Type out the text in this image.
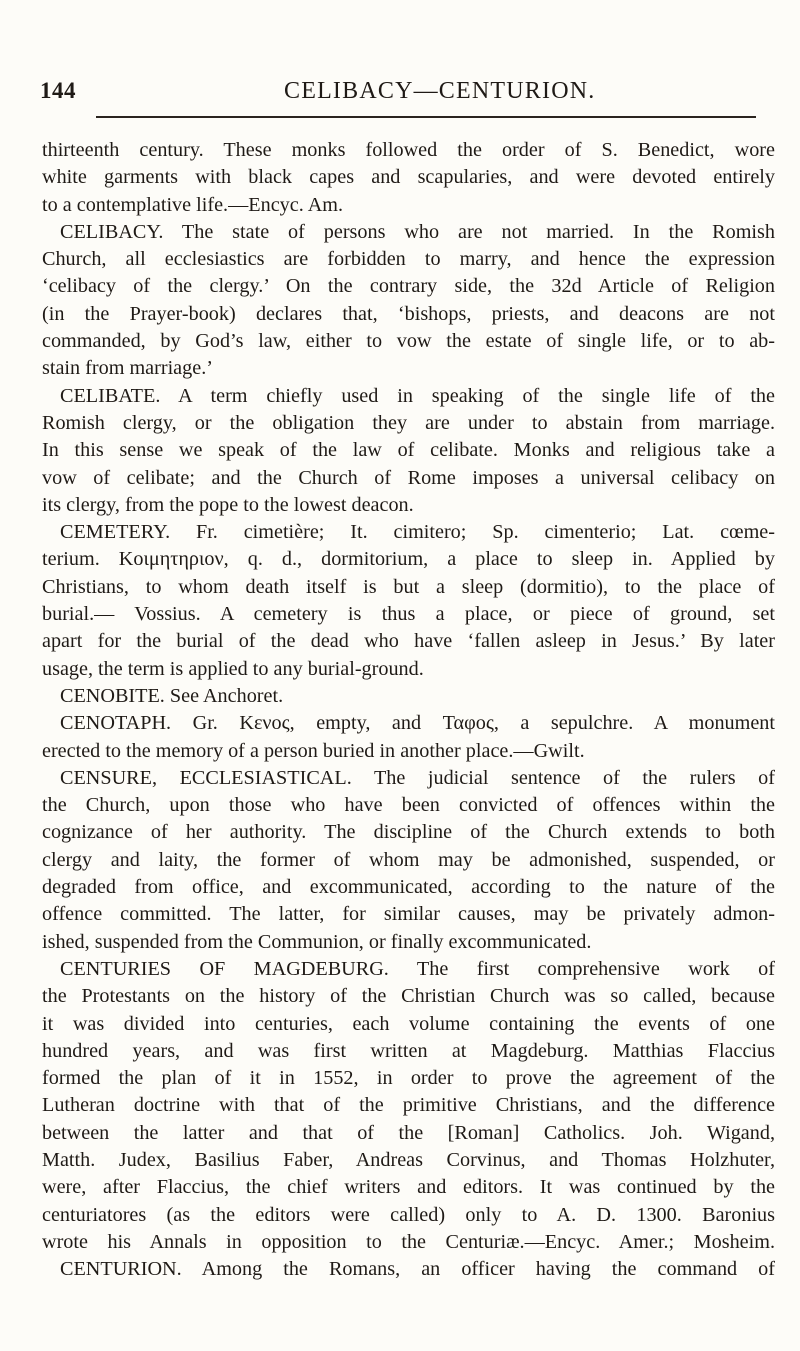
144	CELIBACY—CENTURION.
thirteenth century. These monks followed the order of S. Benedict, wore
white garments with black capes and scapularies, and were devoted entirely
to a contemplative life.—Encyc. Am.
CELIBACY. The state of persons who are not married. In the Romish
Church, all ecclesiastics are forbidden to marry, and hence the expression
‘celibacy of the clergy.’ On the contrary side, the 32d Article of Religion
(in the Prayer-book) declares that, ‘bishops, priests, and deacons are not
commanded, by God’s law, either to vow the estate of single life, or to ab-
stain from marriage.’
CELIBATE. A term chiefly used in speaking of the single life of the
Romish clergy, or the obligation they are under to abstain from marriage.
In this sense we speak of the law of celibate. Monks and religious take a
vow of celibate; and the Church of Rome imposes a universal celibacy on
its clergy, from the pope to the lowest deacon.
CEMETERY. Fr. cimetière; It. cimitero; Sp. cimenterio; Lat. cœme-
terium. Κοιμητηριον, q. d., dormitorium, a place to sleep in. Applied by
Christians, to whom death itself is but a sleep (dormitio), to the place of
burial.— Vossius. A cemetery is thus a place, or piece of ground, set
apart for the burial of the dead who have ‘fallen asleep in Jesus.’ By later
usage, the term is applied to any burial-ground.
CENOBITE. See Anchoret.
CENOTAPH. Gr. Κενος, empty, and Ταφος, a sepulchre. A monument
erected to the memory of a person buried in another place.—Gwilt.
CENSURE, ECCLESIASTICAL. The judicial sentence of the rulers of
the Church, upon those who have been convicted of offences within the
cognizance of her authority. The discipline of the Church extends to both
clergy and laity, the former of whom may be admonished, suspended, or
degraded from office, and excommunicated, according to the nature of the
offence committed. The latter, for similar causes, may be privately admon-
ished, suspended from the Communion, or finally excommunicated.
CENTURIES OF MAGDEBURG. The first comprehensive work of
the Protestants on the history of the Christian Church was so called, because
it was divided into centuries, each volume containing the events of one
hundred years, and was first written at Magdeburg. Matthias Flaccius
formed the plan of it in 1552, in order to prove the agreement of the
Lutheran doctrine with that of the primitive Christians, and the difference
between the latter and that of the [Roman] Catholics. Joh. Wigand,
Matth. Judex, Basilius Faber, Andreas Corvinus, and Thomas Holzhuter,
were, after Flaccius, the chief writers and editors. It was continued by the
centuriatores (as the editors were called) only to A. D. 1300. Baronius
wrote his Annals in opposition to the Centuriæ.—Encyc. Amer.; Mosheim.
CENTURION. Among the Romans, an officer having the command of
